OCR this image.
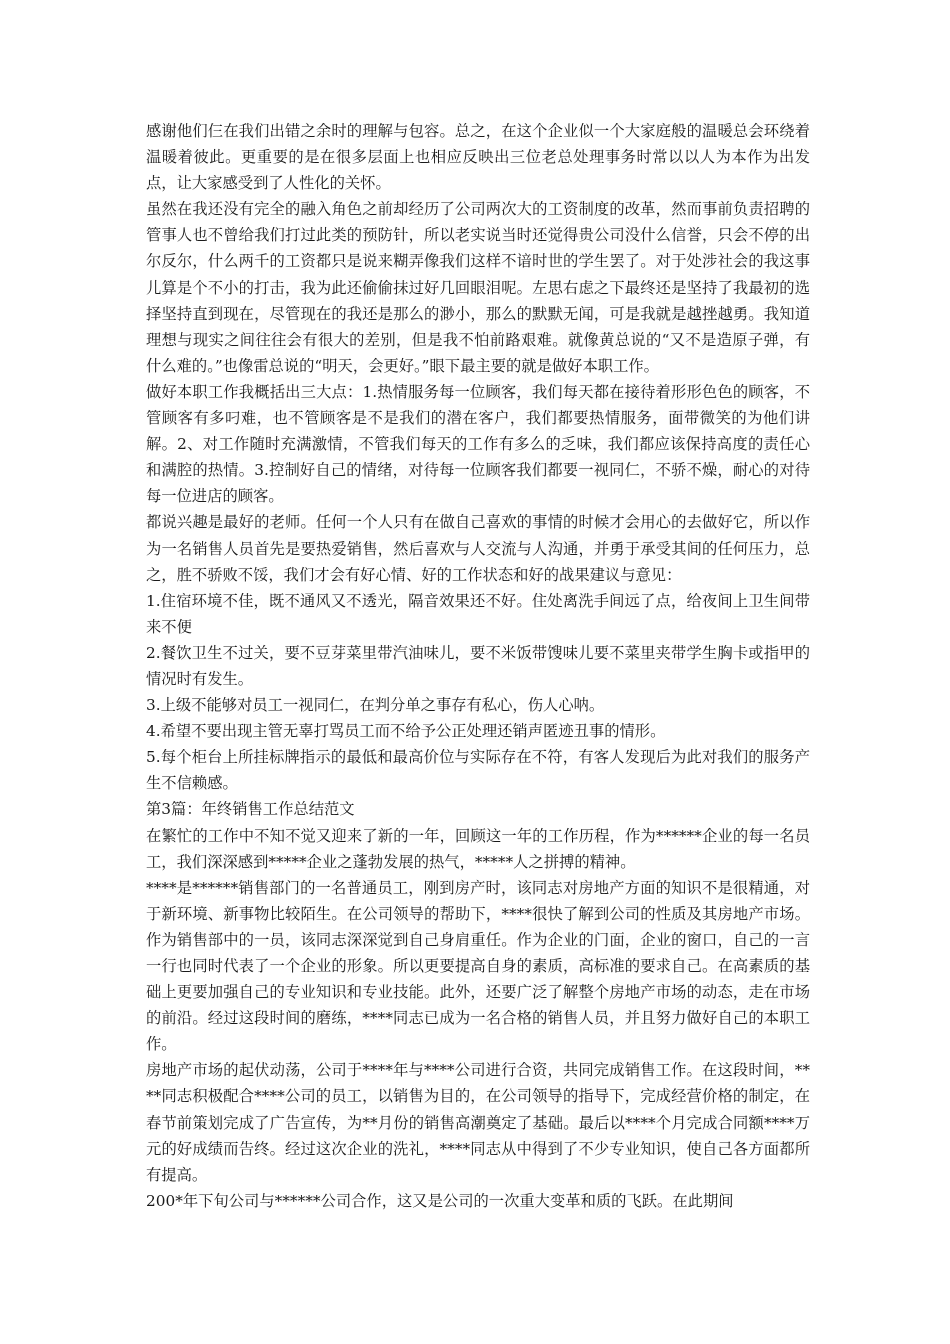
感谢他们仨在我们出错之余时的理解与包容。总之，在这个企业似一个大家庭般的温暖总会环绕着温暖着彼此。更重要的是在很多层面上也相应反映出三位老总处理事务时常以以人为本作为出发点，让大家感受到了人性化的关怀。

虽然在我还没有完全的融入角色之前却经历了公司两次大的工资制度的改革，然而事前负责招聘的管事人也不曾给我们打过此类的预防针，所以老实说当时还觉得贵公司没什么信誉，只会不停的出尔反尔，什么两千的工资都只是说来糊弄像我们这样不谙时世的学生罢了。对于处涉社会的我这事儿算是个不小的打击，我为此还偷偷抹过好几回眼泪呢。左思右虑之下最终还是坚持了我最初的选择坚持直到现在，尽管现在的我还是那么的渺小，那么的默默无闻，可是我就是越挫越勇。我知道理想与现实之间往往会有很大的差别，但是我不怕前路艰难。就像黄总说的“又不是造原子弹，有什么难的。”也像雷总说的“明天，会更好。”眼下最主要的就是做好本职工作。

做好本职工作我概括出三大点：1.热情服务每一位顾客，我们每天都在接待着形形色色的顾客，不管顾客有多叼难，也不管顾客是不是我们的潜在客户，我们都要热情服务，面带微笑的为他们讲解。2、对工作随时充满激情，不管我们每天的工作有多么的乏味，我们都应该保持高度的责任心和满腔的热情。3.控制好自己的情绪，对待每一位顾客我们都要一视同仁，不骄不燥，耐心的对待每一位进店的顾客。

都说兴趣是最好的老师。任何一个人只有在做自己喜欢的事情的时候才会用心的去做好它，所以作为一名销售人员首先是要热爱销售，然后喜欢与人交流与人沟通，并勇于承受其间的任何压力，总之，胜不骄败不馁，我们才会有好心情、好的工作状态和好的战果建议与意见：

1.住宿环境不佳，既不通风又不透光，隔音效果还不好。住处离洗手间远了点，给夜间上卫生间带来不便

2.餐饮卫生不过关，要不豆芽菜里带汽油味儿，要不米饭带馊味儿要不菜里夹带学生胸卡或指甲的情况时有发生。

3.上级不能够对员工一视同仁，在判分单之事存有私心，伤人心呐。

4.希望不要出现主管无辜打骂员工而不给予公正处理还销声匿迹丑事的情形。

5.每个柜台上所挂标牌指示的最低和最高价位与实际存在不符，有客人发现后为此对我们的服务产生不信赖感。

第3篇：年终销售工作总结范文

在繁忙的工作中不知不觉又迎来了新的一年，回顾这一年的工作历程，作为******企业的每一名员工，我们深深感到*****企业之蓬勃发展的热气，*****人之拼搏的精神。

****是******销售部门的一名普通员工，刚到房产时，该同志对房地产方面的知识不是很精通，对于新环境、新事物比较陌生。在公司领导的帮助下，****很快了解到公司的性质及其房地产市场。作为销售部中的一员，该同志深深觉到自己身肩重任。作为企业的门面，企业的窗口，自己的一言一行也同时代表了一个企业的形象。所以更要提高自身的素质，高标准的要求自己。在高素质的基础上更要加强自己的专业知识和专业技能。此外，还要广泛了解整个房地产市场的动态，走在市场的前沿。经过这段时间的磨练，****同志已成为一名合格的销售人员，并且努力做好自己的本职工作。

房地产市场的起伏动荡，公司于****年与****公司进行合资，共同完成销售工作。在这段时间，****同志积极配合****公司的员工，以销售为目的，在公司领导的指导下，完成经营价格的制定，在春节前策划完成了广告宣传，为**月份的销售高潮奠定了基础。最后以****个月完成合同额****万元的好成绩而告终。经过这次企业的洗礼，****同志从中得到了不少专业知识，使自己各方面都所有提高。

200*年下旬公司与******公司合作，这又是公司的一次重大变革和质的飞跃。在此期间
